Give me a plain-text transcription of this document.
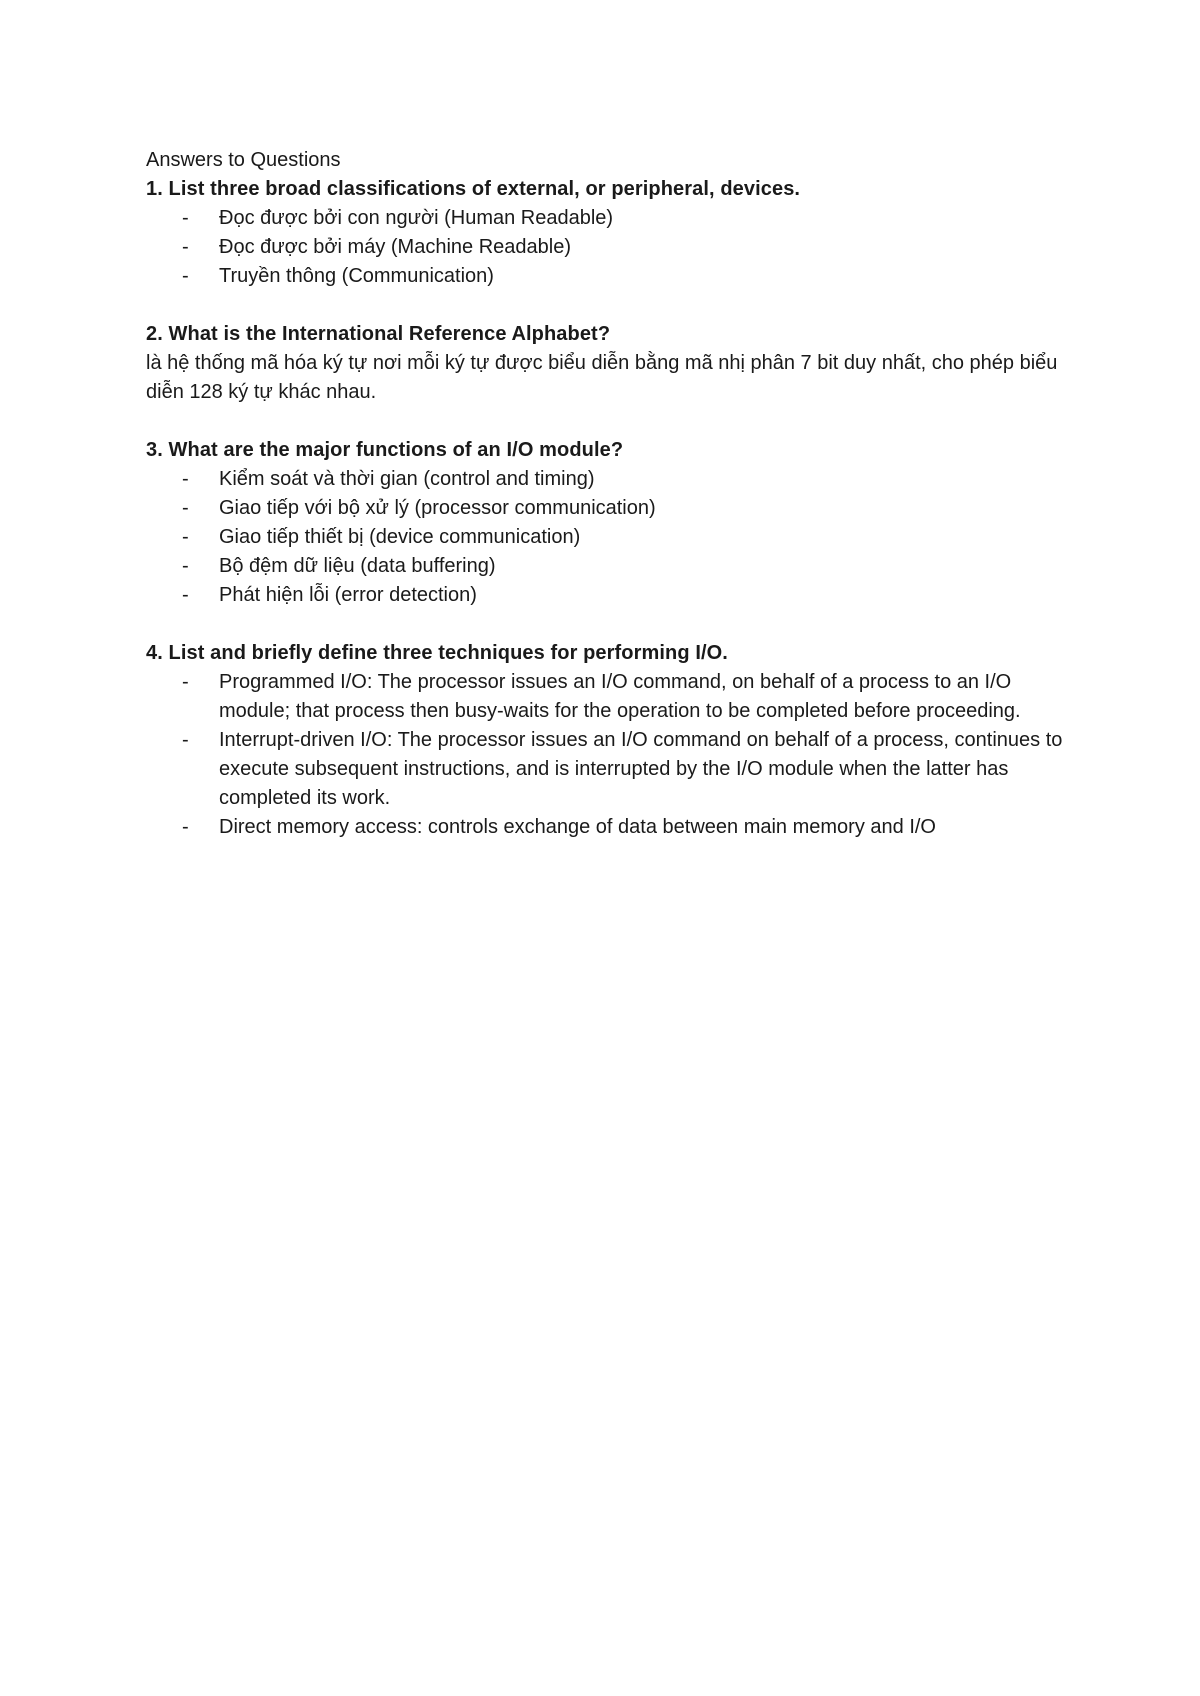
Answers to Questions

1. List three broad classifications of external, or peripheral, devices.

- Đọc được bởi con người (Human Readable)
- Đọc được bởi máy (Machine Readable)
- Truyền thông (Communication)

2. What is the International Reference Alphabet?

là hệ thống mã hóa ký tự nơi mỗi ký tự được biểu diễn bằng mã nhị phân 7 bit duy nhất, cho phép biểu diễn 128 ký tự khác nhau.

3. What are the major functions of an I/O module?

- Kiểm soát và thời gian (control and timing)
- Giao tiếp với bộ xử lý (processor communication)
- Giao tiếp thiết bị (device communication)
- Bộ đệm dữ liệu (data buffering)
- Phát hiện lỗi (error detection)

4. List and briefly define three techniques for performing I/O.

- Programmed I/O: The processor issues an I/O command, on behalf of a process to an I/O module; that process then busy-waits for the operation to be completed before proceeding.
- Interrupt-driven I/O: The processor issues an I/O command on behalf of a process, continues to execute subsequent instructions, and is interrupted by the I/O module when the latter has completed its work.
- Direct memory access: controls exchange of data between main memory and I/O
